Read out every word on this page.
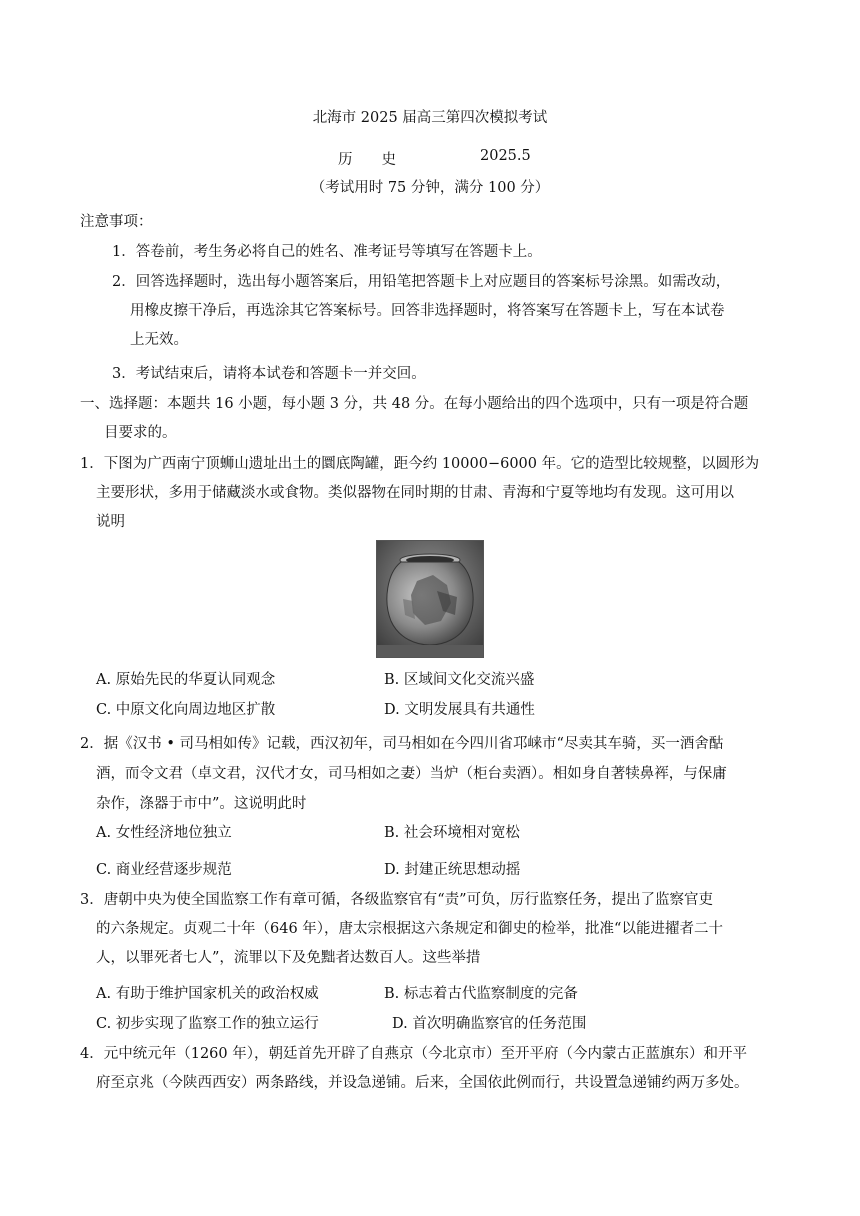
北海市 2025 届高三第四次模拟考试
历　　史	2025.5
（考试用时 75 分钟，满分 100 分）
注意事项：
1．答卷前，考生务必将自己的姓名、准考证号等填写在答题卡上。
2．回答选择题时，选出每小题答案后，用铅笔把答题卡上对应题目的答案标号涂黑。如需改动，
用橡皮擦干净后，再选涂其它答案标号。回答非选择题时，将答案写在答题卡上，写在本试卷
上无效。
3．考试结束后，请将本试卷和答题卡一并交回。
一、选择题：本题共 16 小题，每小题 3 分，共 48 分。在每小题给出的四个选项中，只有一项是符合题
目要求的。
1．下图为广西南宁顶蛳山遗址出土的圜底陶罐，距今约 10000−6000 年。它的造型比较规整，以圆形为
主要形状，多用于储藏淡水或食物。类似器物在同时期的甘肃、青海和宁夏等地均有发现。这可用以
说明
A. 原始先民的华夏认同观念	B. 区域间文化交流兴盛
C. 中原文化向周边地区扩散	D. 文明发展具有共通性
2．据《汉书 • 司马相如传》记载，西汉初年，司马相如在今四川省邛崃市“尽卖其车骑，买一酒舍酤
酒，而令文君（卓文君，汉代才女，司马相如之妻）当炉（柜台卖酒）。相如身自著犊鼻裈，与保庸
杂作，涤器于市中”。这说明此时
A. 女性经济地位独立	B. 社会环境相对宽松
C. 商业经营逐步规范	D. 封建正统思想动摇
3．唐朝中央为使全国监察工作有章可循，各级监察官有“责”可负，厉行监察任务，提出了监察官吏
的六条规定。贞观二十年（646 年），唐太宗根据这六条规定和御史的检举，批准“以能进擢者二十
人，以罪死者七人”，流罪以下及免黜者达数百人。这些举措
A. 有助于维护国家机关的政治权威	B. 标志着古代监察制度的完备
C. 初步实现了监察工作的独立运行	D. 首次明确监察官的任务范围
4．元中统元年（1260 年），朝廷首先开辟了自燕京（今北京市）至开平府（今内蒙古正蓝旗东）和开平
府至京兆（今陕西西安）两条路线，并设急递铺。后来，全国依此例而行，共设置急递铺约两万多处。
